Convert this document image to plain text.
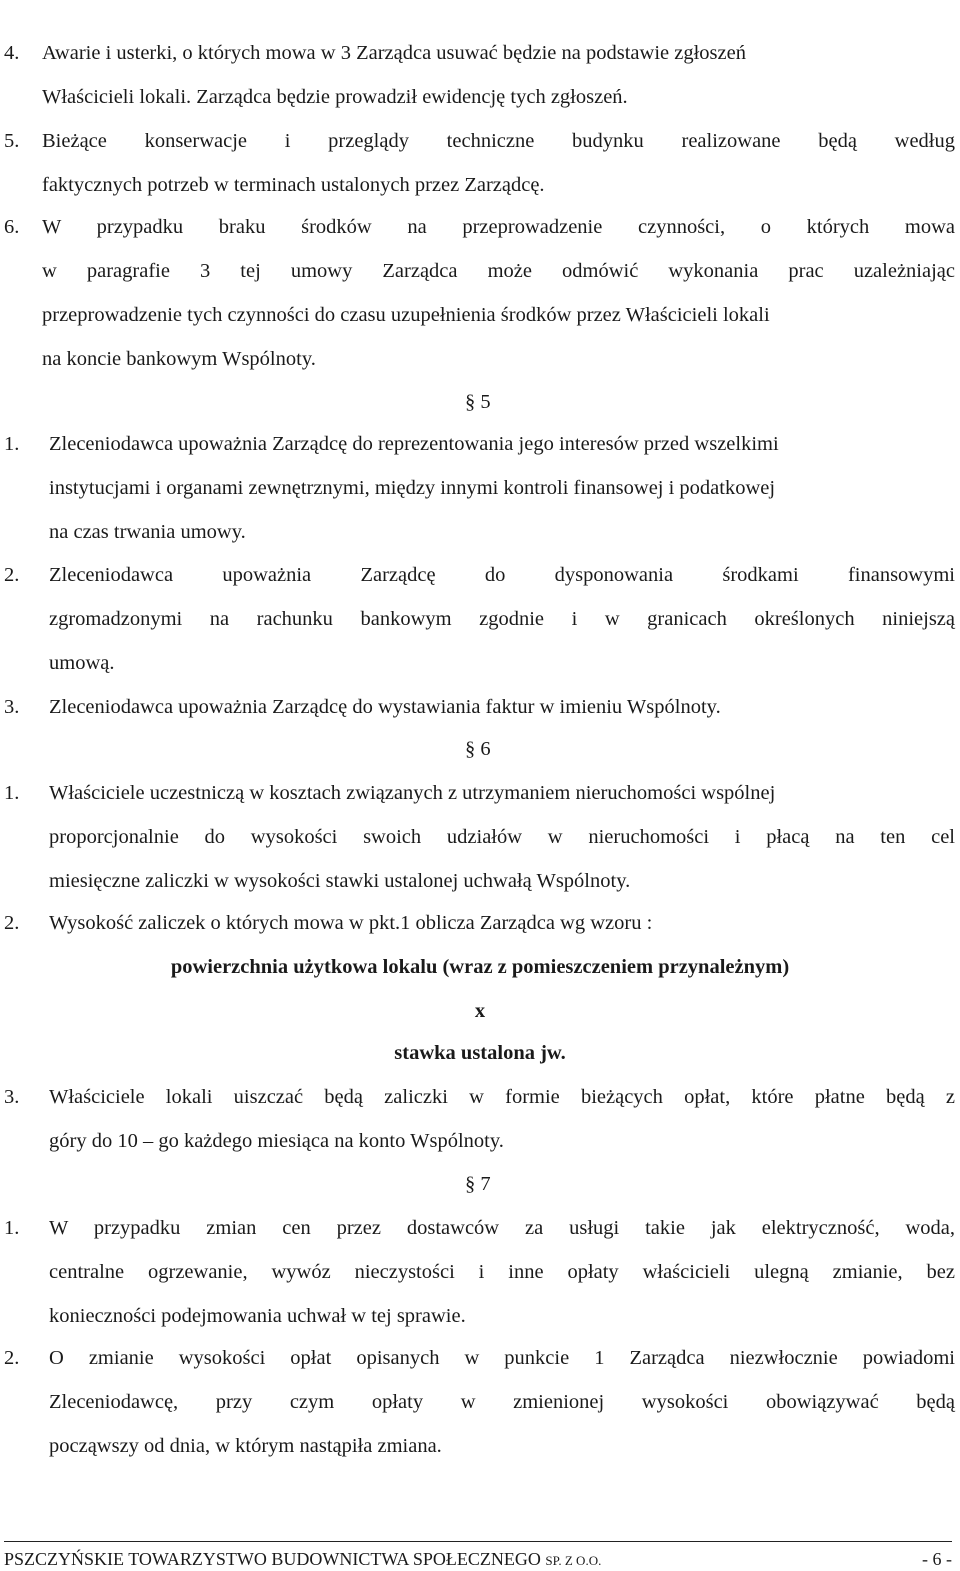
4. Awarie i usterki, o których mowa w 3 Zarządca usuwać będzie na podstawie zgłoszeń
Właścicieli lokali. Zarządca będzie prowadził ewidencję tych zgłoszeń.
5. Bieżące konserwacje i przeglądy techniczne budynku realizowane będą według
faktycznych potrzeb w terminach ustalonych przez Zarządcę.
6. W przypadku braku środków na przeprowadzenie czynności, o których mowa
w paragrafie 3 tej umowy Zarządca może odmówić wykonania prac uzależniając
przeprowadzenie tych czynności do czasu uzupełnienia środków przez Właścicieli lokali
na koncie bankowym Wspólnoty.
§ 5
1. Zleceniodawca upoważnia Zarządcę do reprezentowania jego interesów przed wszelkimi
instytucjami i organami zewnętrznymi, między innymi kontroli finansowej i podatkowej
na czas trwania umowy.
2. Zleceniodawca upoważnia Zarządcę do dysponowania środkami finansowymi
zgromadzonymi na rachunku bankowym zgodnie i w granicach określonych niniejszą
umową.
3. Zleceniodawca upoważnia Zarządcę do wystawiania faktur w imieniu Wspólnoty.
§ 6
1. Właściciele uczestniczą w kosztach związanych z utrzymaniem nieruchomości wspólnej
proporcjonalnie do wysokości swoich udziałów w nieruchomości i płacą na ten cel
miesięczne zaliczki w wysokości stawki ustalonej uchwałą Wspólnoty.
2. Wysokość zaliczek o których mowa w pkt.1 oblicza Zarządca wg wzoru :
powierzchnia użytkowa lokalu (wraz z pomieszczeniem przynależnym)
x
stawka ustalona jw.
3. Właściciele lokali uiszczać będą zaliczki w formie bieżących opłat, które płatne będą z
góry do 10 – go każdego miesiąca na konto Wspólnoty.
§ 7
1. W przypadku zmian cen przez dostawców za usługi takie jak elektryczność, woda,
centralne ogrzewanie, wywóz nieczystości i inne opłaty właścicieli ulegną zmianie, bez
konieczności podejmowania uchwał w tej sprawie.
2. O zmianie wysokości opłat opisanych w punkcie 1 Zarządca niezwłocznie powiadomi
Zleceniodawcę, przy czym opłaty w zmienionej wysokości obowiązywać będą
począwszy od dnia, w którym nastąpiła zmiana.
PSZCZYŃSKIE TOWARZYSTWO BUDOWNICTWA SPOŁECZNEGO SP. Z O.O.	- 6 -
